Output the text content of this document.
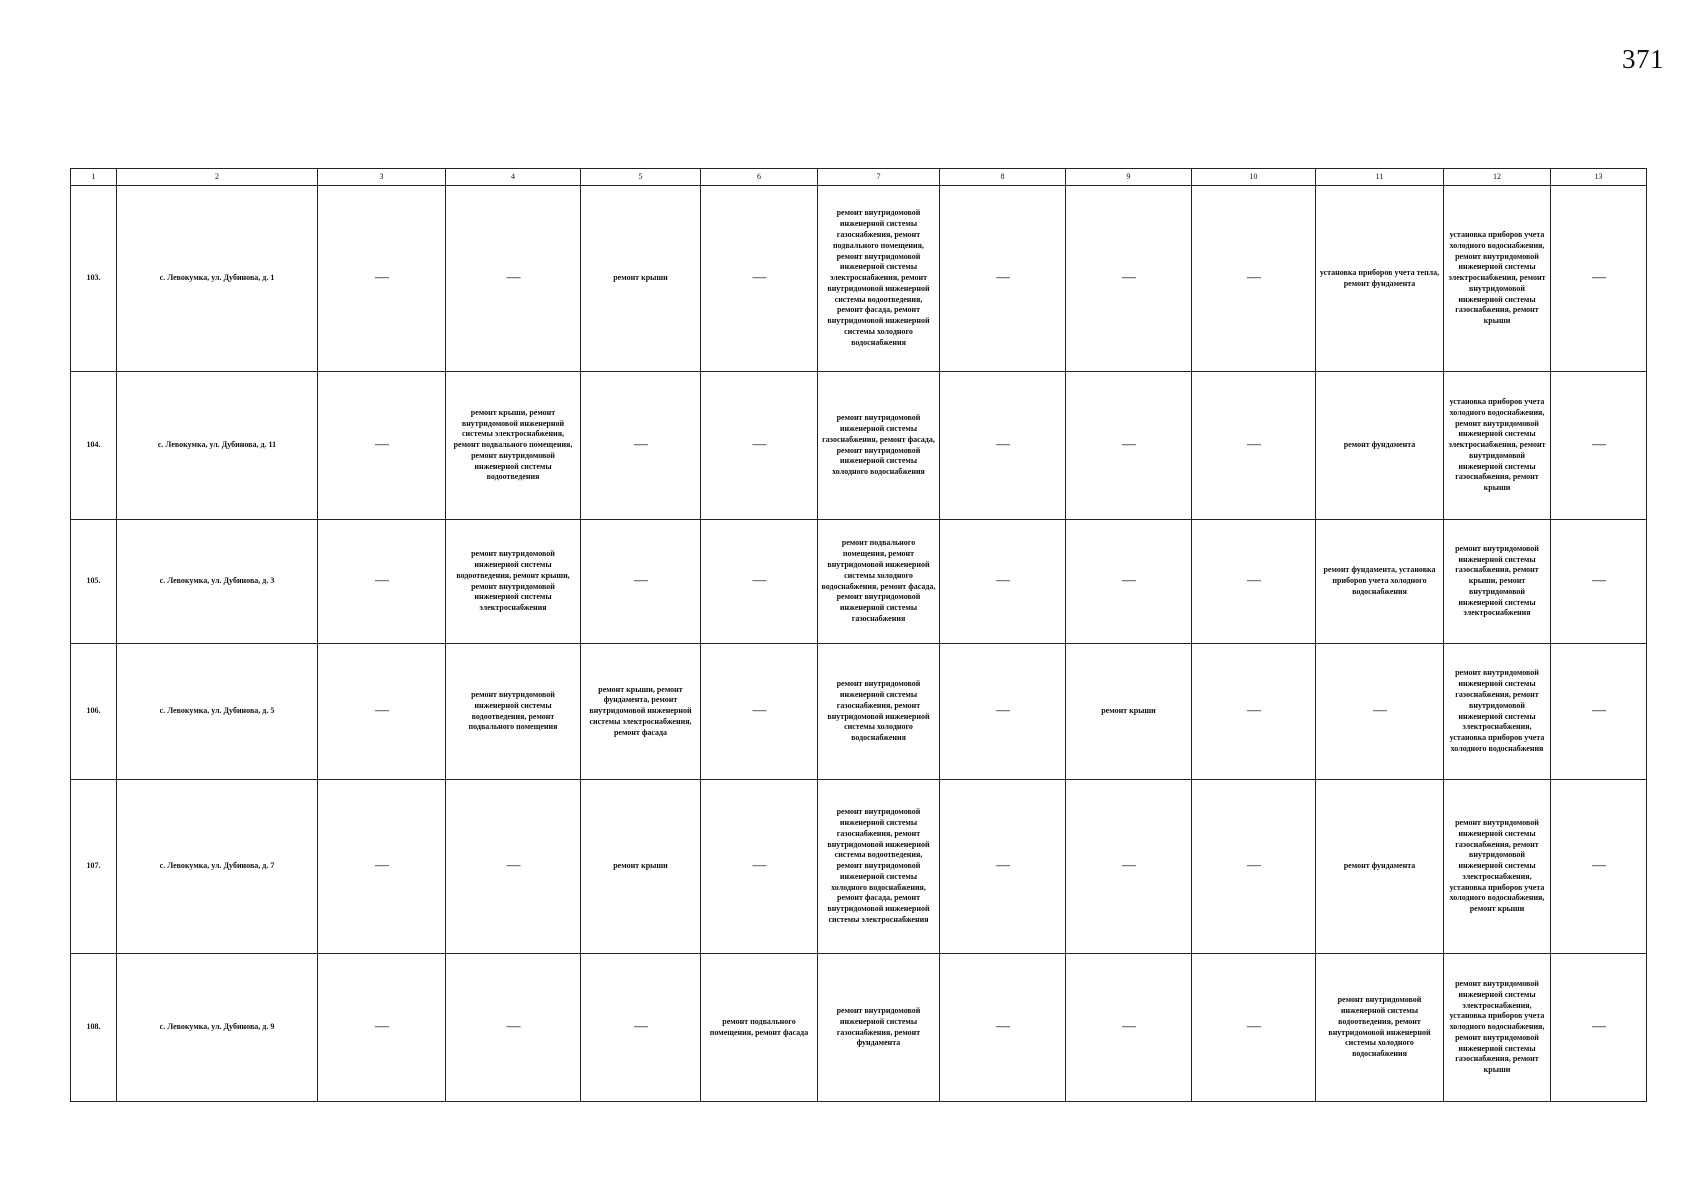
371
1	2	3	4	5	6	7	8	9	10	11	12	13
103.	с. Левокумка, ул. Дубинова, д. 1	—	—	ремонт крыши	—	ремонт внутридомовой инженерной системы газоснабжения, ремонт подвального помещения, ремонт внутридомовой инженерной системы электроснабжения, ремонт внутридомовой инженерной системы водоотведения, ремонт фасада, ремонт внутридомовой инженерной системы холодного водоснабжения	—	—	—	установка приборов учета тепла, ремонт фундамента	установка приборов учета холодного водоснабжения, ремонт внутридомовой инженерной системы электроснабжения, ремонт внутридомовой инженерной системы газоснабжения, ремонт крыши	—
104.	с. Левокумка, ул. Дубинова, д. 11	—	ремонт крыши, ремонт внутридомовой инженерной системы электроснабжения, ремонт подвального помещения, ремонт внутридомовой инженерной системы водоотведения	—	—	ремонт внутридомовой инженерной системы газоснабжения, ремонт фасада, ремонт внутридомовой инженерной системы холодного водоснабжения	—	—	—	ремонт фундамента	установка приборов учета холодного водоснабжения, ремонт внутридомовой инженерной системы электроснабжения, ремонт внутридомовой инженерной системы газоснабжения, ремонт крыши	—
105.	с. Левокумка, ул. Дубинова, д. 3	—	ремонт внутридомовой инженерной системы водоотведения, ремонт крыши, ремонт внутридомовой инженерной системы электроснабжения	—	—	ремонт подвального помещения, ремонт внутридомовой инженерной системы холодного водоснабжения, ремонт фасада, ремонт внутридомовой инженерной системы газоснабжения	—	—	—	ремонт фундамента, установка приборов учета холодного водоснабжения	ремонт внутридомовой инженерной системы газоснабжения, ремонт крыши, ремонт внутридомовой инженерной системы электроснабжения	—
106.	с. Левокумка, ул. Дубинова, д. 5	—	ремонт внутридомовой инженерной системы водоотведения, ремонт подвального помещения	ремонт крыши, ремонт фундамента, ремонт внутридомовой инженерной системы электроснабжения, ремонт фасада	—	ремонт внутридомовой инженерной системы газоснабжения, ремонт внутридомовой инженерной системы холодного водоснабжения	—	ремонт крыши	—	—	ремонт внутридомовой инженерной системы газоснабжения, ремонт внутридомовой инженерной системы электроснабжения, установка приборов учета холодного водоснабжения	—
107.	с. Левокумка, ул. Дубинова, д. 7	—	—	ремонт крыши	—	ремонт внутридомовой инженерной системы газоснабжения, ремонт внутридомовой инженерной системы водоотведения, ремонт внутридомовой инженерной системы холодного водоснабжения, ремонт фасада, ремонт внутридомовой инженерной системы электроснабжения	—	—	—	ремонт фундамента	ремонт внутридомовой инженерной системы газоснабжения, ремонт внутридомовой инженерной системы электроснабжения, установка приборов учета холодного водоснабжения, ремонт крыши	—
108.	с. Левокумка, ул. Дубинова, д. 9	—	—	—	ремонт подвального помещения, ремонт фасада	ремонт внутридомовой инженерной системы газоснабжения, ремонт фундамента	—	—	—	ремонт внутридомовой инженерной системы водоотведения, ремонт внутридомовой инженерной системы холодного водоснабжения	ремонт внутридомовой инженерной системы электроснабжения, установка приборов учета холодного водоснабжения, ремонт внутридомовой инженерной системы газоснабжения, ремонт крыши	—
